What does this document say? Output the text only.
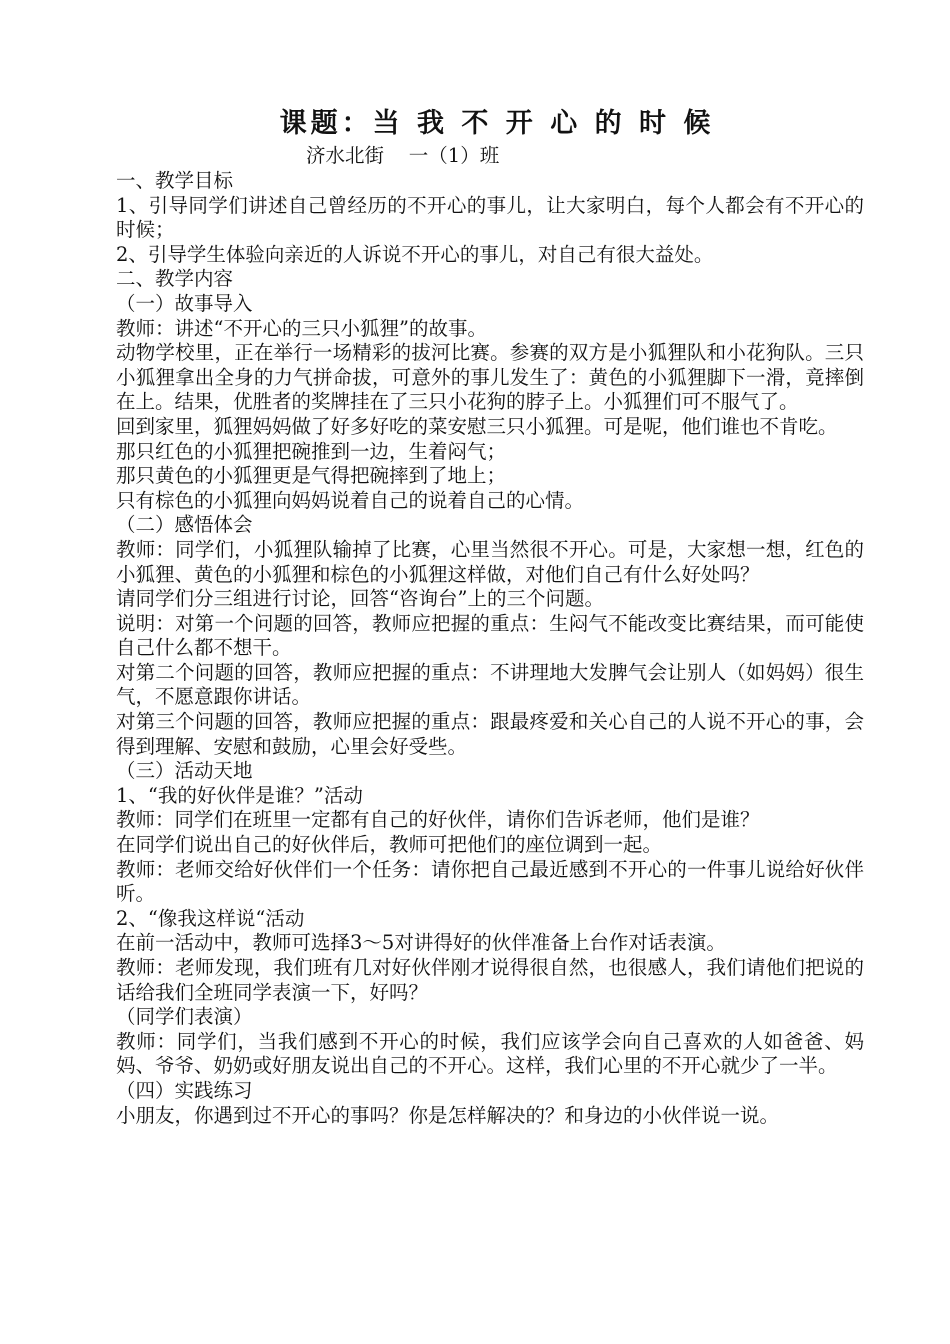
课题：当 我 不 开 心 的 时 候

济水北街    一（1）班

一、教学目标

1、引导同学们讲述自己曾经历的不开心的事儿，让大家明白，每个人都会有不开心的时候；

2、引导学生体验向亲近的人诉说不开心的事儿，对自己有很大益处。

二、教学内容

（一）故事导入

教师：讲述“不开心的三只小狐狸”的故事。

动物学校里，正在举行一场精彩的拔河比赛。参赛的双方是小狐狸队和小花狗队。三只小狐狸拿出全身的力气拼命拔，可意外的事儿发生了：黄色的小狐狸脚下一滑，竟摔倒在上。结果，优胜者的奖牌挂在了三只小花狗的脖子上。小狐狸们可不服气了。

回到家里，狐狸妈妈做了好多好吃的菜安慰三只小狐狸。可是呢，他们谁也不肯吃。

那只红色的小狐狸把碗推到一边，生着闷气；

那只黄色的小狐狸更是气得把碗摔到了地上；

只有棕色的小狐狸向妈妈说着自己的说着自己的心情。

（二）感悟体会

教师：同学们，小狐狸队输掉了比赛，心里当然很不开心。可是，大家想一想，红色的小狐狸、黄色的小狐狸和棕色的小狐狸这样做，对他们自己有什么好处吗？

请同学们分三组进行讨论，回答“咨询台”上的三个问题。

说明：对第一个问题的回答，教师应把握的重点：生闷气不能改变比赛结果，而可能使自己什么都不想干。

对第二个问题的回答，教师应把握的重点：不讲理地大发脾气会让别人（如妈妈）很生气，不愿意跟你讲话。

对第三个问题的回答，教师应把握的重点：跟最疼爱和关心自己的人说不开心的事，会得到理解、安慰和鼓励，心里会好受些。

（三）活动天地

1、“我的好伙伴是谁？”活动

教师：同学们在班里一定都有自己的好伙伴，请你们告诉老师，他们是谁？

在同学们说出自己的好伙伴后，教师可把他们的座位调到一起。

教师：老师交给好伙伴们一个任务：请你把自己最近感到不开心的一件事儿说给好伙伴听。

2、“像我这样说“活动

在前一活动中，教师可选择3～5对讲得好的伙伴准备上台作对话表演。

教师：老师发现，我们班有几对好伙伴刚才说得很自然，也很感人，我们请他们把说的话给我们全班同学表演一下，好吗？

（同学们表演）

教师：同学们，当我们感到不开心的时候，我们应该学会向自己喜欢的人如爸爸、妈妈、爷爷、奶奶或好朋友说出自己的不开心。这样，我们心里的不开心就少了一半。

（四）实践练习

小朋友，你遇到过不开心的事吗？你是怎样解决的？和身边的小伙伴说一说。
